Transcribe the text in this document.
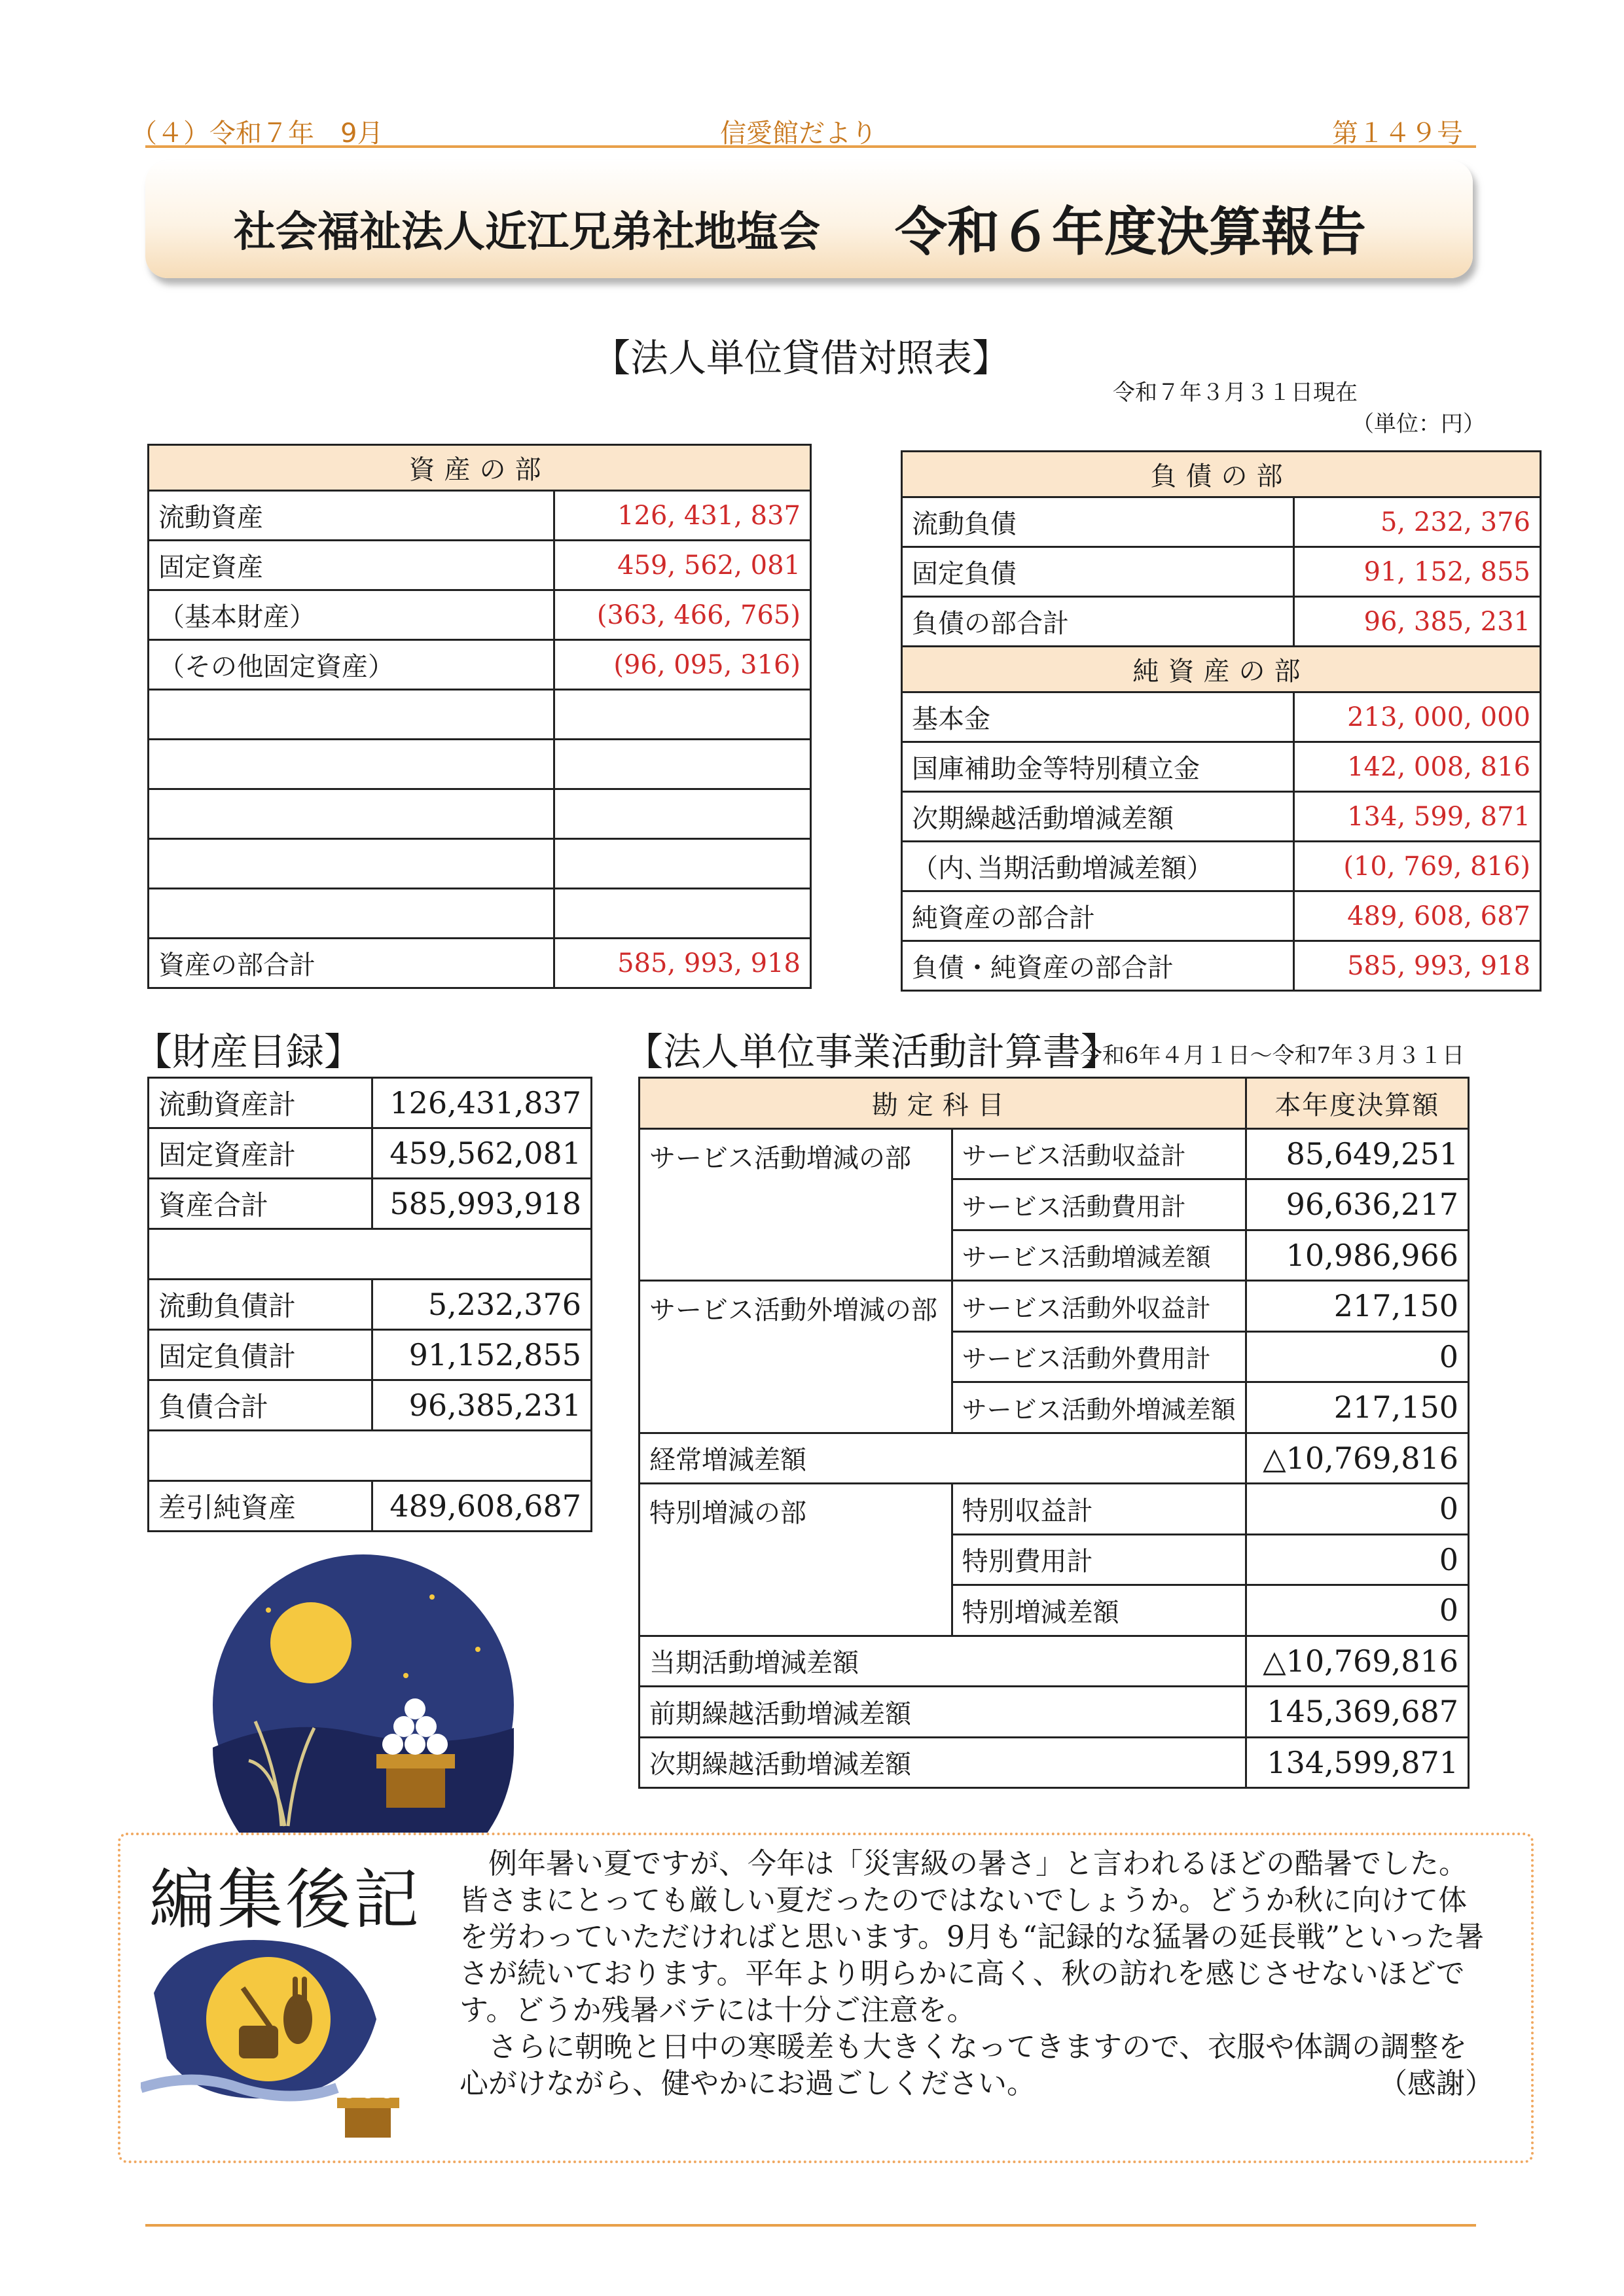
（４）令和７年　9月	信愛館だより	第１４９号
社会福祉法人近江兄弟社地塩会 令和６年度決算報告
【法人単位貸借対照表】
令和７年３月３１日現在
（単位：円）
資産の部	
流動資産	126, 431, 837
固定資産	459, 562, 081
（基本財産）	(363, 466, 765)
（その他固定資産）	(96, 095, 316)

資産の部合計	585, 993, 918
負債の部	
流動負債	5, 232, 376
固定負債	91, 152, 855
負債の部合計	96, 385, 231
純資産の部	
基本金	213, 000, 000
国庫補助金等特別積立金	142, 008, 816
次期繰越活動増減差額	134, 599, 871
（内､当期活動増減差額）	(10, 769, 816)
純資産の部合計	489, 608, 687
負債・純資産の部合計	585, 993, 918
【財産目録】
流動資産計	126,431,837
固定資産計	459,562,081
資産合計	585,993,918

流動負債計	5,232,376
固定負債計	91,152,855
負債合計	96,385,231

差引純資産	489,608,687
【法人単位事業活動計算書】
令和6年４月１日～令和7年３月３１日
勘定科目		本年度決算額
サービス活動増減の部	サービス活動収益計	85,649,251
	サービス活動費用計	96,636,217
	サービス活動増減差額	10,986,966
サービス活動外増減の部	サービス活動外収益計	217,150
	サービス活動外費用計	0
	サービス活動外増減差額	217,150
経常増減差額		△10,769,816
特別増減の部	特別収益計	0
	特別費用計	0
	特別増減差額	0
当期活動増減差額		△10,769,816
前期繰越活動増減差額		145,369,687
次期繰越活動増減差額		134,599,871
編集後記	例年暑い夏ですが、今年は「災害級の暑さ」と言われるほどの酷暑でした。皆さまにとっても厳しい夏だったのではないでしょうか。どうか秋に向けて体を労わっていただければと思います。9月も“記録的な猛暑の延長戦”といった暑さが続いております。平年より明らかに高く、秋の訪れを感じさせないほどです。どうか残暑バテには十分ご注意を。

さらに朝晩と日中の寒暖差も大きくなってきますので、衣服や体調の調整を心がけながら、健やかにお過ごしください。	（感謝）
